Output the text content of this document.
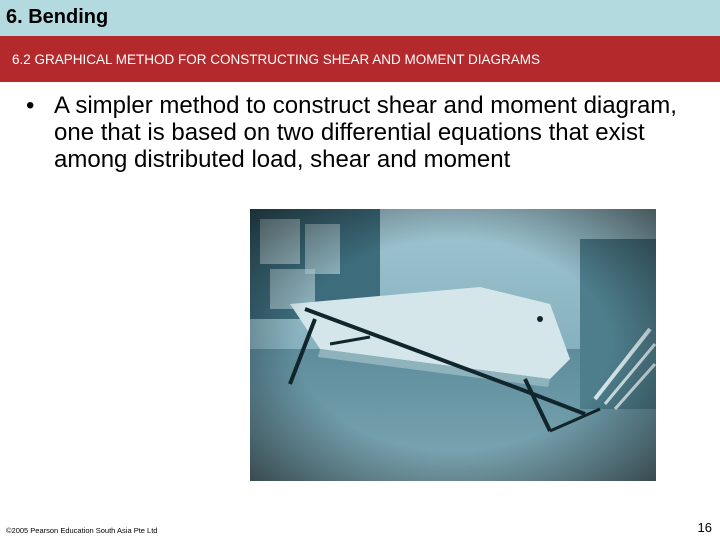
6. Bending
6.2 GRAPHICAL METHOD FOR CONSTRUCTING SHEAR AND MOMENT DIAGRAMS
• A simpler method to construct shear and moment diagram, one that is based on two differential equations that exist among distributed load, shear and moment
©2005 Pearson Education South Asia Pte Ltd	16
